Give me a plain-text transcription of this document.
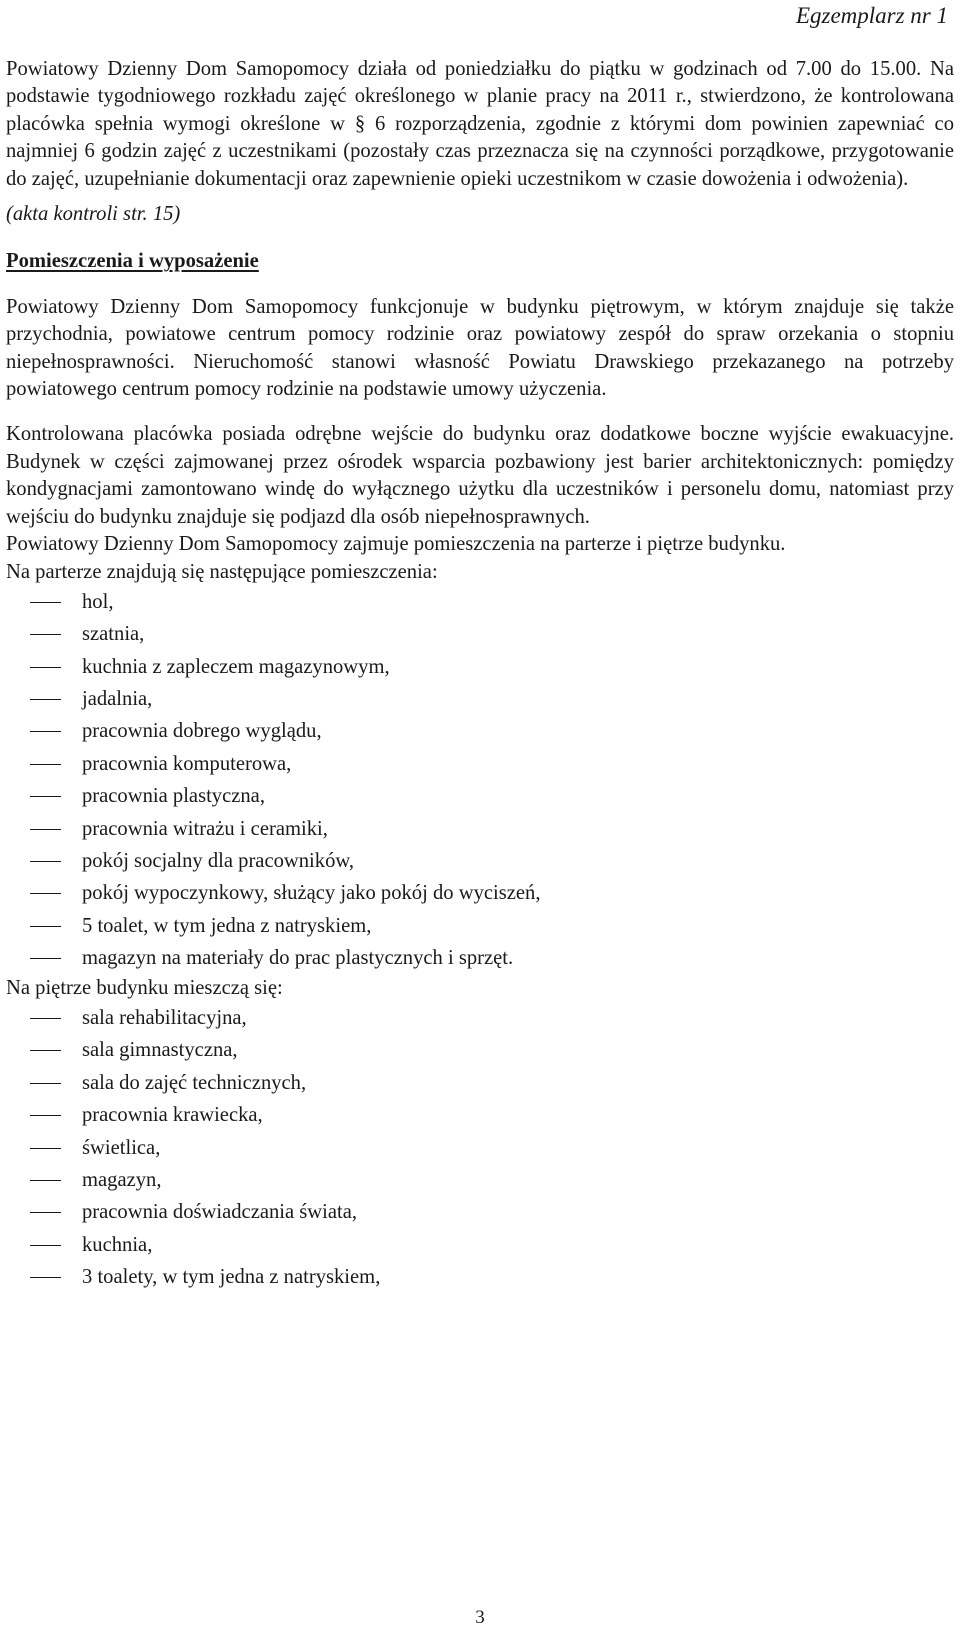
Egzemplarz nr 1

Powiatowy Dzienny Dom Samopomocy działa od poniedziałku do piątku w godzinach od 7.00 do 15.00. Na podstawie tygodniowego rozkładu zajęć określonego w planie pracy na 2011 r., stwierdzono, że kontrolowana placówka spełnia wymogi określone w § 6 rozporządzenia, zgodnie z którymi dom powinien zapewniać co najmniej 6 godzin zajęć z uczestnikami (pozostały czas przeznacza się na czynności porządkowe, przygotowanie do zajęć, uzupełnianie dokumentacji oraz zapewnienie opieki uczestnikom w czasie dowożenia i odwożenia).

(akta kontroli str. 15)

Pomieszczenia i wyposażenie

Powiatowy Dzienny Dom Samopomocy funkcjonuje w budynku piętrowym, w którym znajduje się także przychodnia, powiatowe centrum pomocy rodzinie oraz powiatowy zespół do spraw orzekania o stopniu niepełnosprawności. Nieruchomość stanowi własność Powiatu Drawskiego przekazanego na potrzeby powiatowego centrum pomocy rodzinie na podstawie umowy użyczenia.

Kontrolowana placówka posiada odrębne wejście do budynku oraz dodatkowe boczne wyjście ewakuacyjne. Budynek w części zajmowanej przez ośrodek wsparcia pozbawiony jest barier architektonicznych: pomiędzy kondygnacjami zamontowano windę do wyłącznego użytku dla uczestników i personelu domu, natomiast przy wejściu do budynku znajduje się podjazd dla osób niepełnosprawnych.

Powiatowy Dzienny Dom Samopomocy zajmuje pomieszczenia na parterze i piętrze budynku.

Na parterze znajdują się następujące pomieszczenia:

hol,
szatnia,
kuchnia z zapleczem magazynowym,
jadalnia,
pracownia dobrego wyglądu,
pracownia komputerowa,
pracownia plastyczna,
pracownia witrażu i ceramiki,
pokój socjalny dla pracowników,
pokój wypoczynkowy, służący jako pokój do wyciszeń,
5 toalet, w tym jedna z natryskiem,
magazyn na materiały do prac plastycznych i sprzęt.

Na piętrze budynku mieszczą się:

sala rehabilitacyjna,
sala gimnastyczna,
sala do zajęć technicznych,
pracownia krawiecka,
świetlica,
magazyn,
pracownia doświadczania świata,
kuchnia,
3 toalety, w tym jedna z natryskiem,
3
